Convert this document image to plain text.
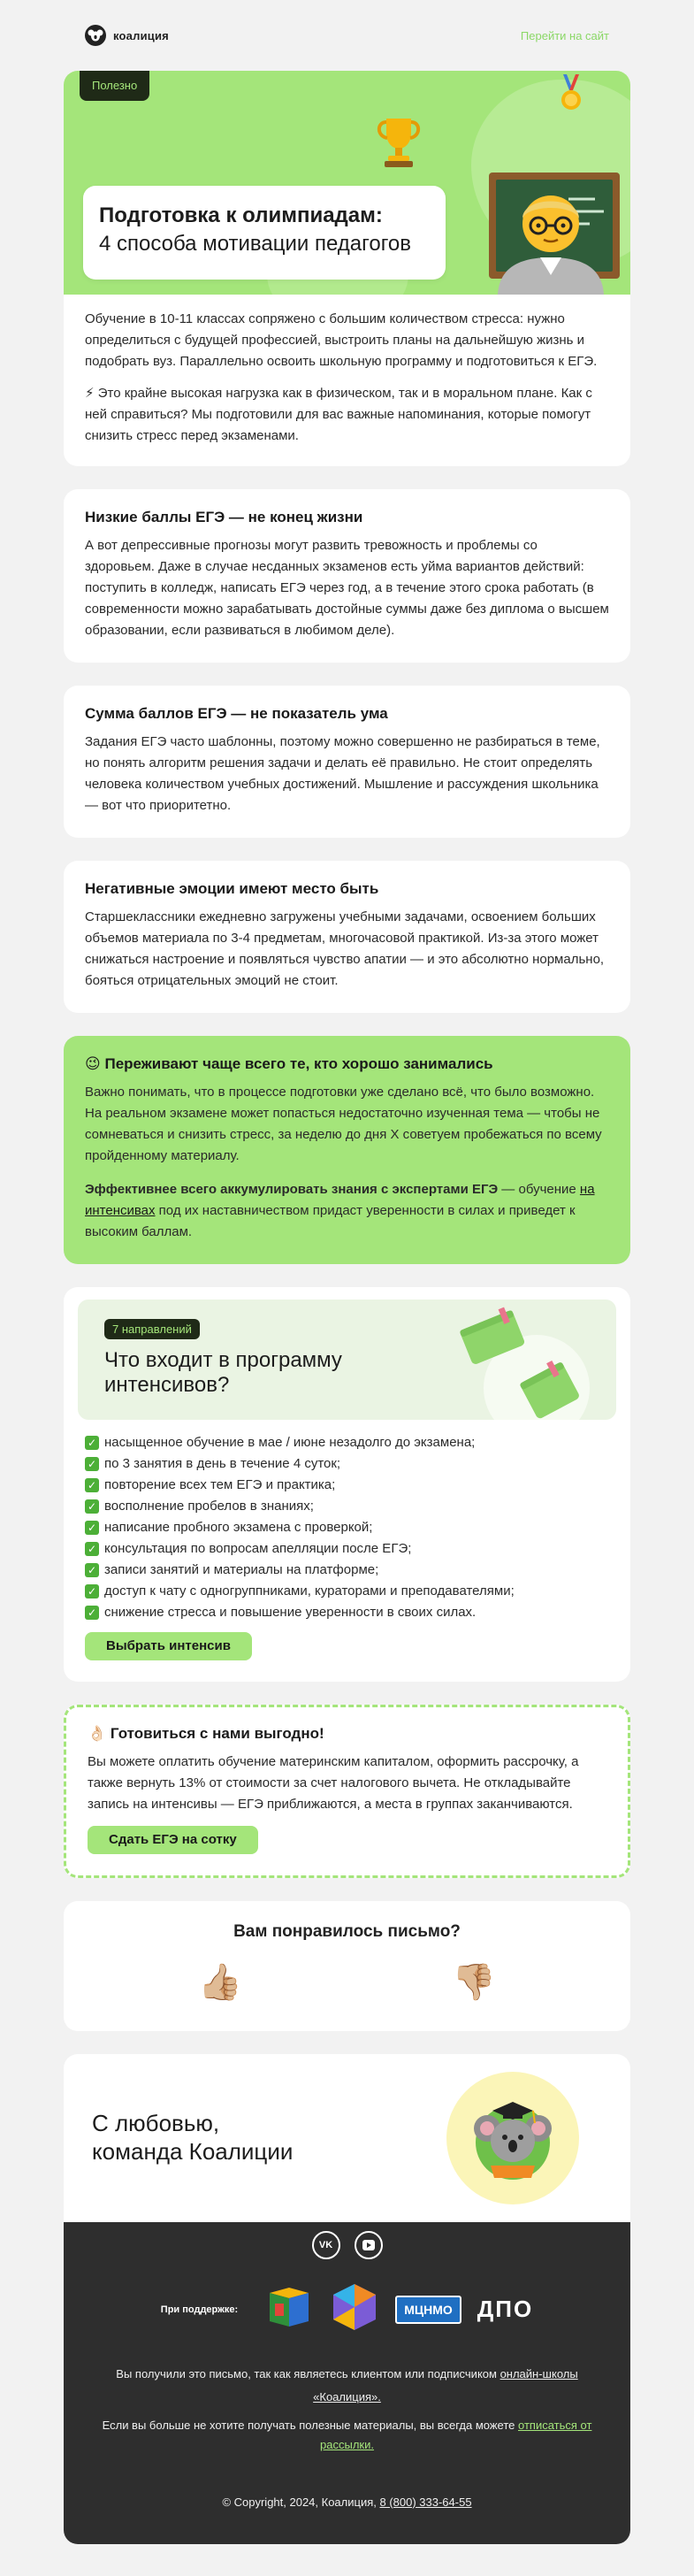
коалиция	Перейти на сайт
Полезно
Подготовка к олимпиадам:
4 способа мотивации педагогов

Обучение в 10-11 классах сопряжено с большим количеством стресса: нужно определиться с будущей профессией, выстроить планы на дальнейшую жизнь и подобрать вуз. Параллельно освоить школьную программу и подготовиться к ЕГЭ.

⚡ Это крайне высокая нагрузка как в физическом, так и в моральном плане. Как с ней справиться? Мы подготовили для вас важные напоминания, которые помогут снизить стресс перед экзаменами.

Низкие баллы ЕГЭ — не конец жизни

А вот депрессивные прогнозы могут развить тревожность и проблемы со здоровьем. Даже в случае несданных экзаменов есть уйма вариантов действий: поступить в колледж, написать ЕГЭ через год, а в течение этого срока работать (в современности можно зарабатывать достойные суммы даже без диплома о высшем образовании, если развиваться в любимом деле).

Сумма баллов ЕГЭ — не показатель ума

Задания ЕГЭ часто шаблонны, поэтому можно совершенно не разбираться в теме, но понять алгоритм решения задачи и делать её правильно. Не стоит определять человека количеством учебных достижений. Мышление и рассуждения школьника — вот что приоритетно.

Негативные эмоции имеют место быть

Старшеклассники ежедневно загружены учебными задачами, освоением больших объемов материала по 3-4 предметам, многочасовой практикой. Из-за этого может снижаться настроение и появляться чувство апатии — и это абсолютно нормально, бояться отрицательных эмоций не стоит.

😉 Переживают чаще всего те, кто хорошо занимались

Важно понимать, что в процессе подготовки уже сделано всё, что было возможно. На реальном экзамене может попасться недостаточно изученная тема — чтобы не сомневаться и снизить стресс, за неделю до дня X советуем пробежаться по всему пройденному материалу.

Эффективнее всего аккумулировать знания с экспертами ЕГЭ — обучение на интенсивах под их наставничеством придаст уверенности в силах и приведет к высоким баллам.

7 направлений
Что входит в программу интенсивов?
✓ насыщенное обучение в мае / июне незадолго до экзамена;
✓ по 3 занятия в день в течение 4 суток;
✓ повторение всех тем ЕГЭ и практика;
✓ восполнение пробелов в знаниях;
✓ написание пробного экзамена с проверкой;
✓ консультация по вопросам апелляции после ЕГЭ;
✓ записи занятий и материалы на платформе;
✓ доступ к чату с одногруппниками, кураторами и преподавателями;
✓ снижение стресса и повышение уверенности в своих силах.
Выбрать интенсив
👌🏻 Готовиться с нами выгодно!

Вы можете оплатить обучение материнским капиталом, оформить рассрочку, а также вернуть 13% от стоимости за счет налогового вычета. Не откладывайте запись на интенсивы — ЕГЭ приближаются, а места в группах заканчиваются.

Сдать ЕГЭ на сотку
Вам понравилось письмо?
👍🏼	👎🏼
С любовью,
команда Коалиции
VK
При поддержке:	МЦНМО	ДПО

Вы получили это письмо, так как являетесь клиентом или подписчиком онлайн-школы «Коалиция».

Если вы больше не хотите получать полезные материалы, вы всегда можете отписаться от рассылки.

© Copyright, 2024, Коалиция, 8 (800) 333-64-55
